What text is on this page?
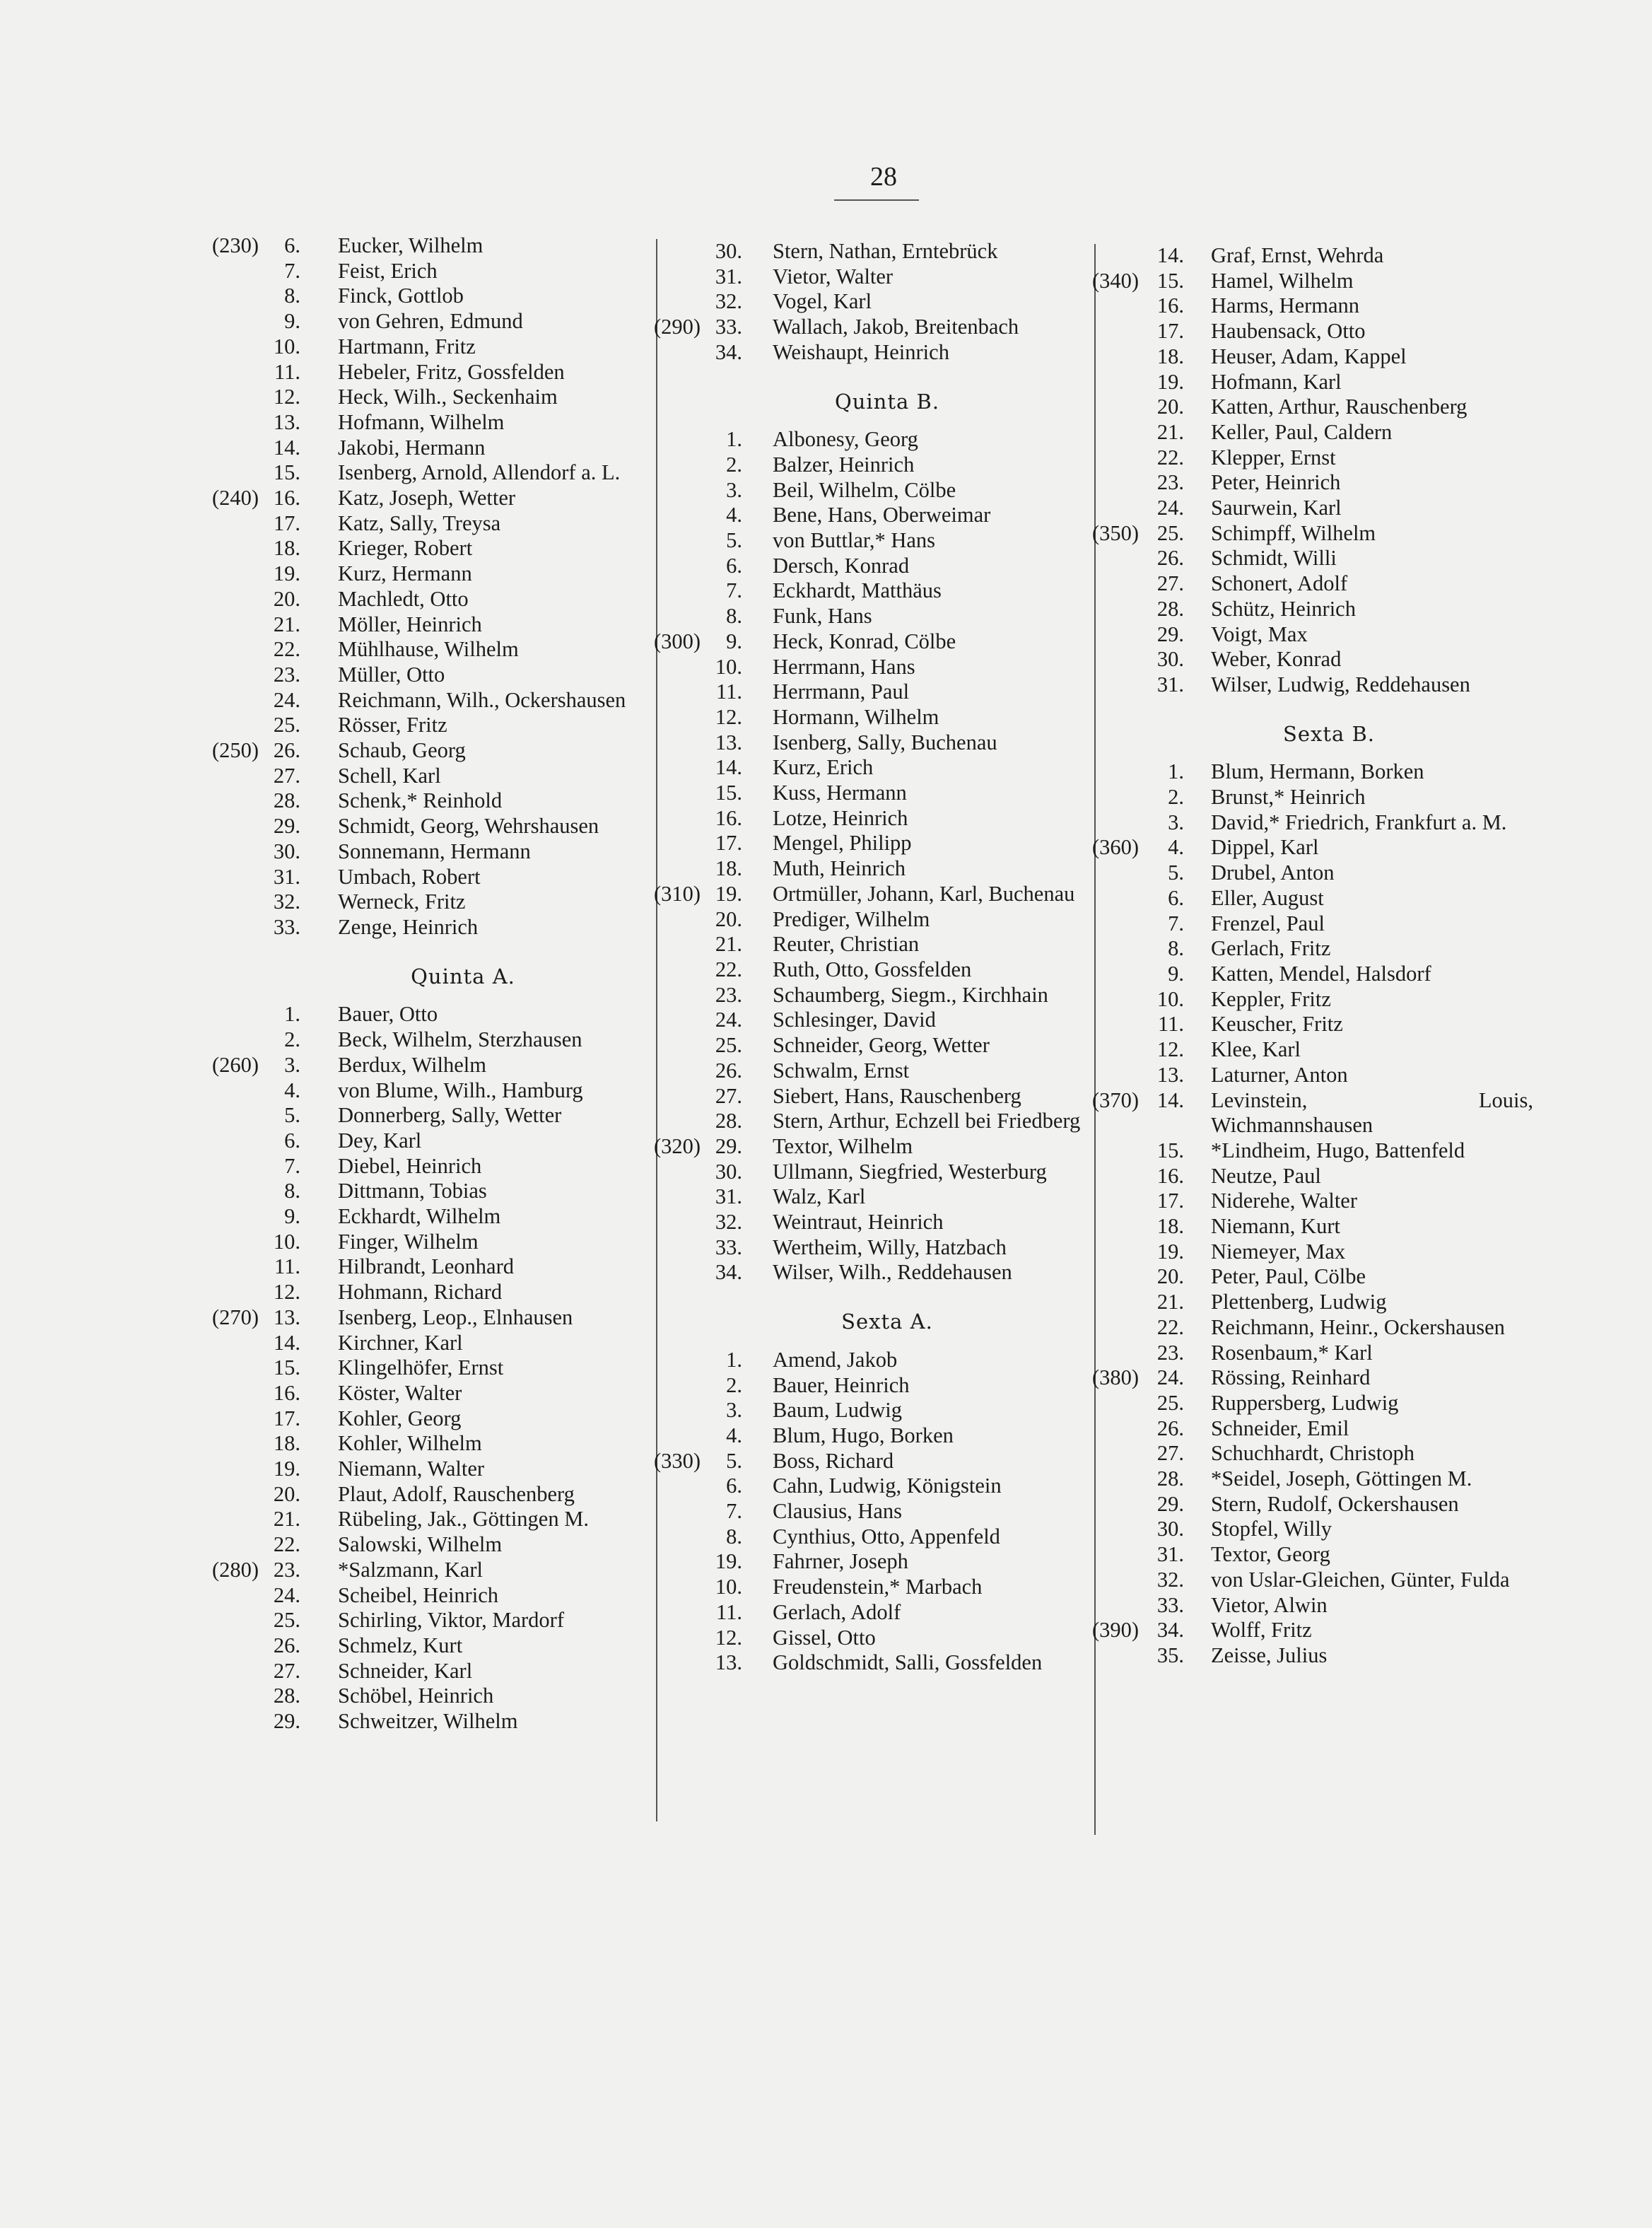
28
(230)	6. Eucker, Wilhelm
7. Feist, Erich
8. Finck, Gottlob
9. von Gehren, Edmund
10. Hartmann, Fritz
11. Hebeler, Fritz, Gossfelden
12. Heck, Wilh., Seckenhaim
13. Hofmann, Wilhelm
14. Jakobi, Hermann
15. Isenberg, Arnold, Allendorf a. L.
(240) 16. Katz, Joseph, Wetter
17. Katz, Sally, Treysa
18. Krieger, Robert
19. Kurz, Hermann
20. Machledt, Otto
21. Möller, Heinrich
22. Mühlhause, Wilhelm
23. Müller, Otto
24. Reichmann, Wilh., Ockershausen
25. Rösser, Fritz
(250) 26. Schaub, Georg
27. Schell, Karl
28. Schenk,* Reinhold
29. Schmidt, Georg, Wehrshausen
30. Sonnemann, Hermann
31. Umbach, Robert
32. Werneck, Fritz
33. Zenge, Heinrich
Quinta A.
1. Bauer, Otto
2. Beck, Wilhelm, Sterzhausen
(260)	3. Berdux, Wilhelm
4. von Blume, Wilh., Hamburg
5. Donnerberg, Sally, Wetter
6. Dey, Karl
7. Diebel, Heinrich
8. Dittmann, Tobias
9. Eckhardt, Wilhelm
10. Finger, Wilhelm
11. Hilbrandt, Leonhard
12. Hohmann, Richard
(270) 13. Isenberg, Leop., Elnhausen
14. Kirchner, Karl
15. Klingelhöfer, Ernst
16. Köster, Walter
17. Kohler, Georg
18. Kohler, Wilhelm
19. Niemann, Walter
20. Plaut, Adolf, Rauschenberg
21. Rübeling, Jak., Göttingen M.
22. Salowski, Wilhelm
(280) 23. *Salzmann, Karl
24. Scheibel, Heinrich
25. Schirling, Viktor, Mardorf
26. Schmelz, Kurt
27. Schneider, Karl
28. Schöbel, Heinrich
29. Schweitzer, Wilhelm
30. Stern, Nathan, Erntebrück
31. Vietor, Walter
32. Vogel, Karl
(290) 33. Wallach, Jakob, Breitenbach
34. Weishaupt, Heinrich
Quinta B.
1. Albonesy, Georg
2. Balzer, Heinrich
3. Beil, Wilhelm, Cölbe
4. Bene, Hans, Oberweimar
5. von Buttlar,* Hans
6. Dersch, Konrad
7. Eckhardt, Matthäus
8. Funk, Hans
(300)	9. Heck, Konrad, Cölbe
10. Herrmann, Hans
11. Herrmann, Paul
12. Hormann, Wilhelm
13. Isenberg, Sally, Buchenau
14. Kurz, Erich
15. Kuss, Hermann
16. Lotze, Heinrich
17. Mengel, Philipp
18. Muth, Heinrich
(310) 19. Ortmüller, Johann, Karl, Buchenau
20. Prediger, Wilhelm
21. Reuter, Christian
22. Ruth, Otto, Gossfelden
23. Schaumberg, Siegm., Kirchhain
24. Schlesinger, David
25. Schneider, Georg, Wetter
26. Schwalm, Ernst
27. Siebert, Hans, Rauschenberg
28. Stern, Arthur, Echzell bei Friedberg
(320) 29. Textor, Wilhelm
30. Ullmann, Siegfried, Westerburg
31. Walz, Karl
32. Weintraut, Heinrich
33. Wertheim, Willy, Hatzbach
34. Wilser, Wilh., Reddehausen
Sexta A.
1. Amend, Jakob
2. Bauer, Heinrich
3. Baum, Ludwig
4. Blum, Hugo, Borken
(330)	5. Boss, Richard
6. Cahn, Ludwig, Königstein
7. Clausius, Hans
8. Cynthius, Otto, Appenfeld
19. Fahrner, Joseph
10. Freudenstein,* Marbach
11. Gerlach, Adolf
12. Gissel, Otto
13. Goldschmidt, Salli, Gossfelden
14. Graf, Ernst, Wehrda
(340) 15. Hamel, Wilhelm
16. Harms, Hermann
17. Haubensack, Otto
18. Heuser, Adam, Kappel
19. Hofmann, Karl
20. Katten, Arthur, Rauschenberg
21. Keller, Paul, Caldern
22. Klepper, Ernst
23. Peter, Heinrich
24. Saurwein, Karl
(350) 25. Schimpff, Wilhelm
26. Schmidt, Willi
27. Schonert, Adolf
28. Schütz, Heinrich
29. Voigt, Max
30. Weber, Konrad
31. Wilser, Ludwig, Reddehausen
Sexta B.
1. Blum, Hermann, Borken
2. Brunst,* Heinrich
3. David,* Friedrich, Frankfurt a. M.
(360)	4. Dippel, Karl
5. Drubel, Anton
6. Eller, August
7. Frenzel, Paul
8. Gerlach, Fritz
9. Katten, Mendel, Halsdorf
10. Keppler, Fritz
11. Keuscher, Fritz
12. Klee, Karl
13. Laturner, Anton
(370) 14. Levinstein, Louis, Wichmannshausen
15. *Lindheim, Hugo, Battenfeld
16. Neutze, Paul
17. Niderehe, Walter
18. Niemann, Kurt
19. Niemeyer, Max
20. Peter, Paul, Cölbe
21. Plettenberg, Ludwig
22. Reichmann, Heinr., Ockershausen
23. Rosenbaum,* Karl
(380) 24. Rössing, Reinhard
25. Ruppersberg, Ludwig
26. Schneider, Emil
27. Schuchhardt, Christoph
28. *Seidel, Joseph, Göttingen M.
29. Stern, Rudolf, Ockershausen
30. Stopfel, Willy
31. Textor, Georg
32. von Uslar-Gleichen, Günter, Fulda
33. Vietor, Alwin
(390) 34. Wolff, Fritz
35. Zeisse, Julius
